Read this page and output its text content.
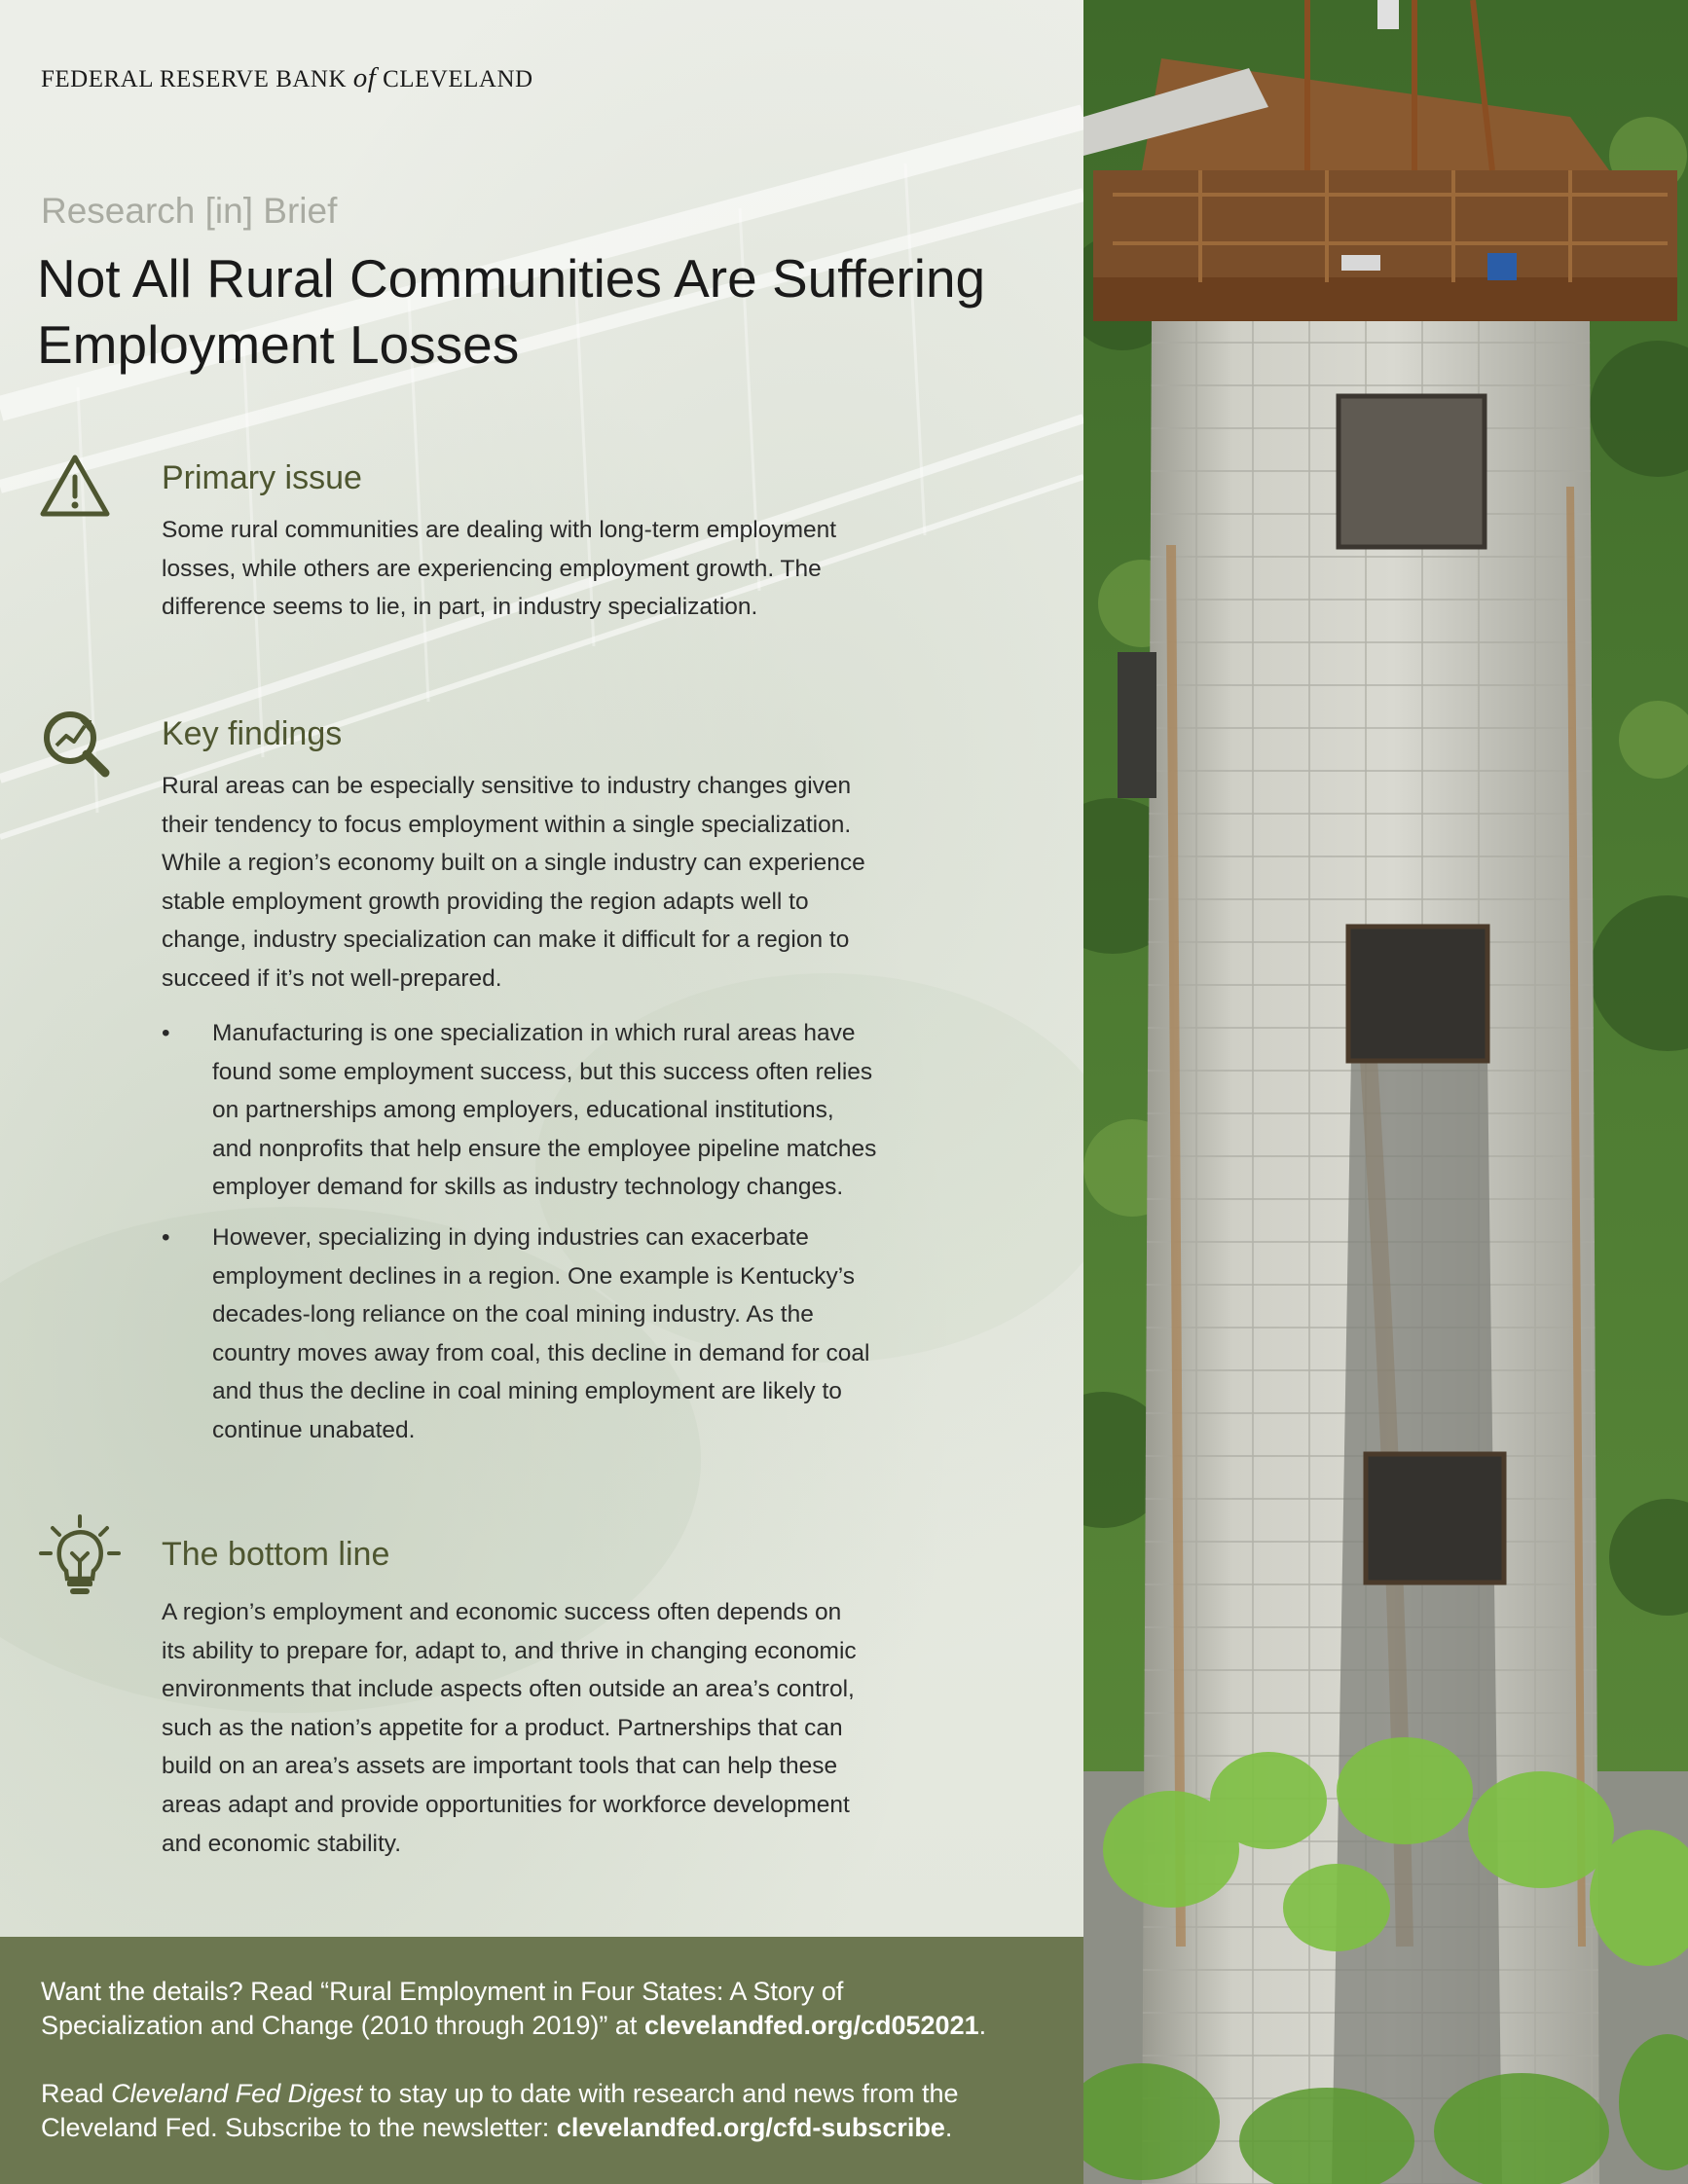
FEDERAL RESERVE BANK of CLEVELAND
Research [in] Brief
Not All Rural Communities Are Suffering
Employment Losses
Primary issue
Some rural communities are dealing with long-term employment
losses, while others are experiencing employment growth. The
difference seems to lie, in part, in industry specialization.
Key findings
Rural areas can be especially sensitive to industry changes given
their tendency to focus employment within a single specialization.
While a region’s economy built on a single industry can experience
stable employment growth providing the region adapts well to
change, industry specialization can make it difficult for a region to
succeed if it’s not well-prepared.
•	Manufacturing is one specialization in which rural areas have
found some employment success, but this success often relies
on partnerships among employers, educational institutions,
and nonprofits that help ensure the employee pipeline matches
employer demand for skills as industry technology changes.
•	However, specializing in dying industries can exacerbate
employment declines in a region. One example is Kentucky’s
decades-long reliance on the coal mining industry. As the
country moves away from coal, this decline in demand for coal
and thus the decline in coal mining employment are likely to
continue unabated.
The bottom line
A region’s employment and economic success often depends on
its ability to prepare for, adapt to, and thrive in changing economic
environments that include aspects often outside an area’s control,
such as the nation’s appetite for a product. Partnerships that can
build on an area’s assets are important tools that can help these
areas adapt and provide opportunities for workforce development
and economic stability.

Want the details? Read “Rural Employment in Four States: A Story of
Specialization and Change (2010 through 2019)” at clevelandfed.org/cd052021.

Read Cleveland Fed Digest to stay up to date with research and news from the
Cleveland Fed. Subscribe to the newsletter: clevelandfed.org/cfd-subscribe.
